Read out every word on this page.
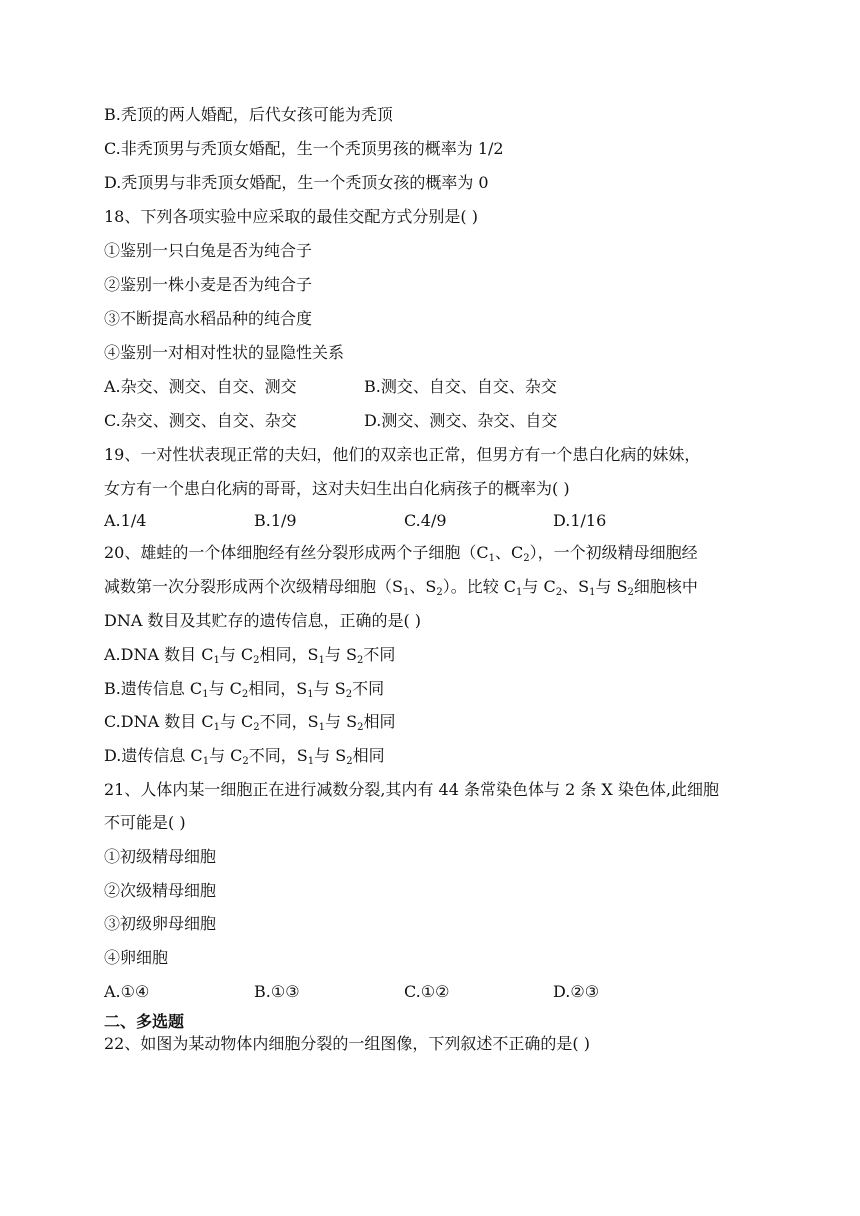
B.秃顶的两人婚配，后代女孩可能为秃顶
C.非秃顶男与秃顶女婚配，生一个秃顶男孩的概率为 1/2
D.秃顶男与非秃顶女婚配，生一个秃顶女孩的概率为 0
18、下列各项实验中应采取的最佳交配方式分别是( )
①鉴别一只白兔是否为纯合子
②鉴别一株小麦是否为纯合子
③不断提高水稻品种的纯合度
④鉴别一对相对性状的显隐性关系
A.杂交、测交、自交、测交	B.测交、自交、自交、杂交
C.杂交、测交、自交、杂交	D.测交、测交、杂交、自交
19、一对性状表现正常的夫妇，他们的双亲也正常，但男方有一个患白化病的妹妹，
女方有一个患白化病的哥哥，这对夫妇生出白化病孩子的概率为( )
A.1/4	B.1/9	C.4/9	D.1/16
20、雄蛙的一个体细胞经有丝分裂形成两个子细胞（$C_1$、$C_2$），一个初级精母细胞经
减数第一次分裂形成两个次级精母细胞（$S_1$、$S_2$）。比较 $C_1$与 $C_2$、$S_1$与 $S_2$细胞核中
DNA 数目及其贮存的遗传信息，正确的是( )
A.DNA 数目 $C_1$与 $C_2$相同，$S_1$与 $S_2$不同
B.遗传信息 $C_1$与 $C_2$相同，$S_1$与 $S_2$不同
C.DNA 数目 $C_1$与 $C_2$不同，$S_1$与 $S_2$相同
D.遗传信息 $C_1$与 $C_2$不同，$S_1$与 $S_2$相同
21、人体内某一细胞正在进行减数分裂,其内有 44 条常染色体与 2 条 X 染色体,此细胞
不可能是( )
①初级精母细胞
②次级精母细胞
③初级卵母细胞
④卵细胞
A.①④	B.①③	C.①②	D.②③
二、多选题
22、如图为某动物体内细胞分裂的一组图像，下列叙述不正确的是( )
